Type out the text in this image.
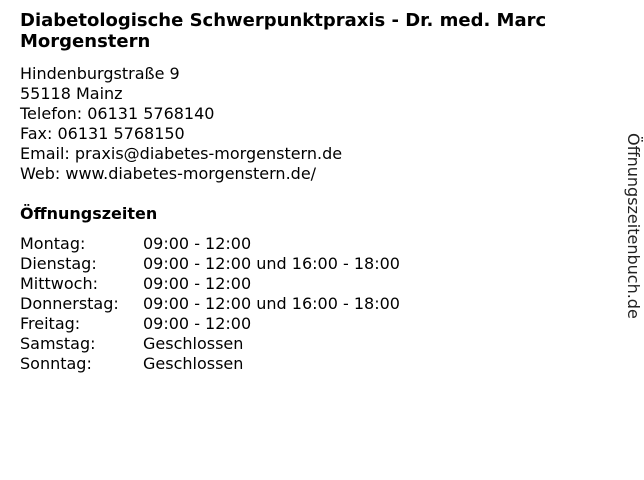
Diabetologische Schwerpunktpraxis - Dr. med. Marc Morgenstern
Hindenburgstraße 9
55118 Mainz
Telefon: 06131 5768140
Fax: 06131 5768150
Email: praxis@diabetes-morgenstern.de
Web: www.diabetes-morgenstern.de/
Öffnungszeiten
Montag:	09:00 - 12:00
Dienstag:	09:00 - 12:00 und 16:00 - 18:00
Mittwoch:	09:00 - 12:00
Donnerstag:	09:00 - 12:00 und 16:00 - 18:00
Freitag:	09:00 - 12:00
Samstag:	Geschlossen
Sonntag:	Geschlossen
Öffnungszeitenbuch.de
